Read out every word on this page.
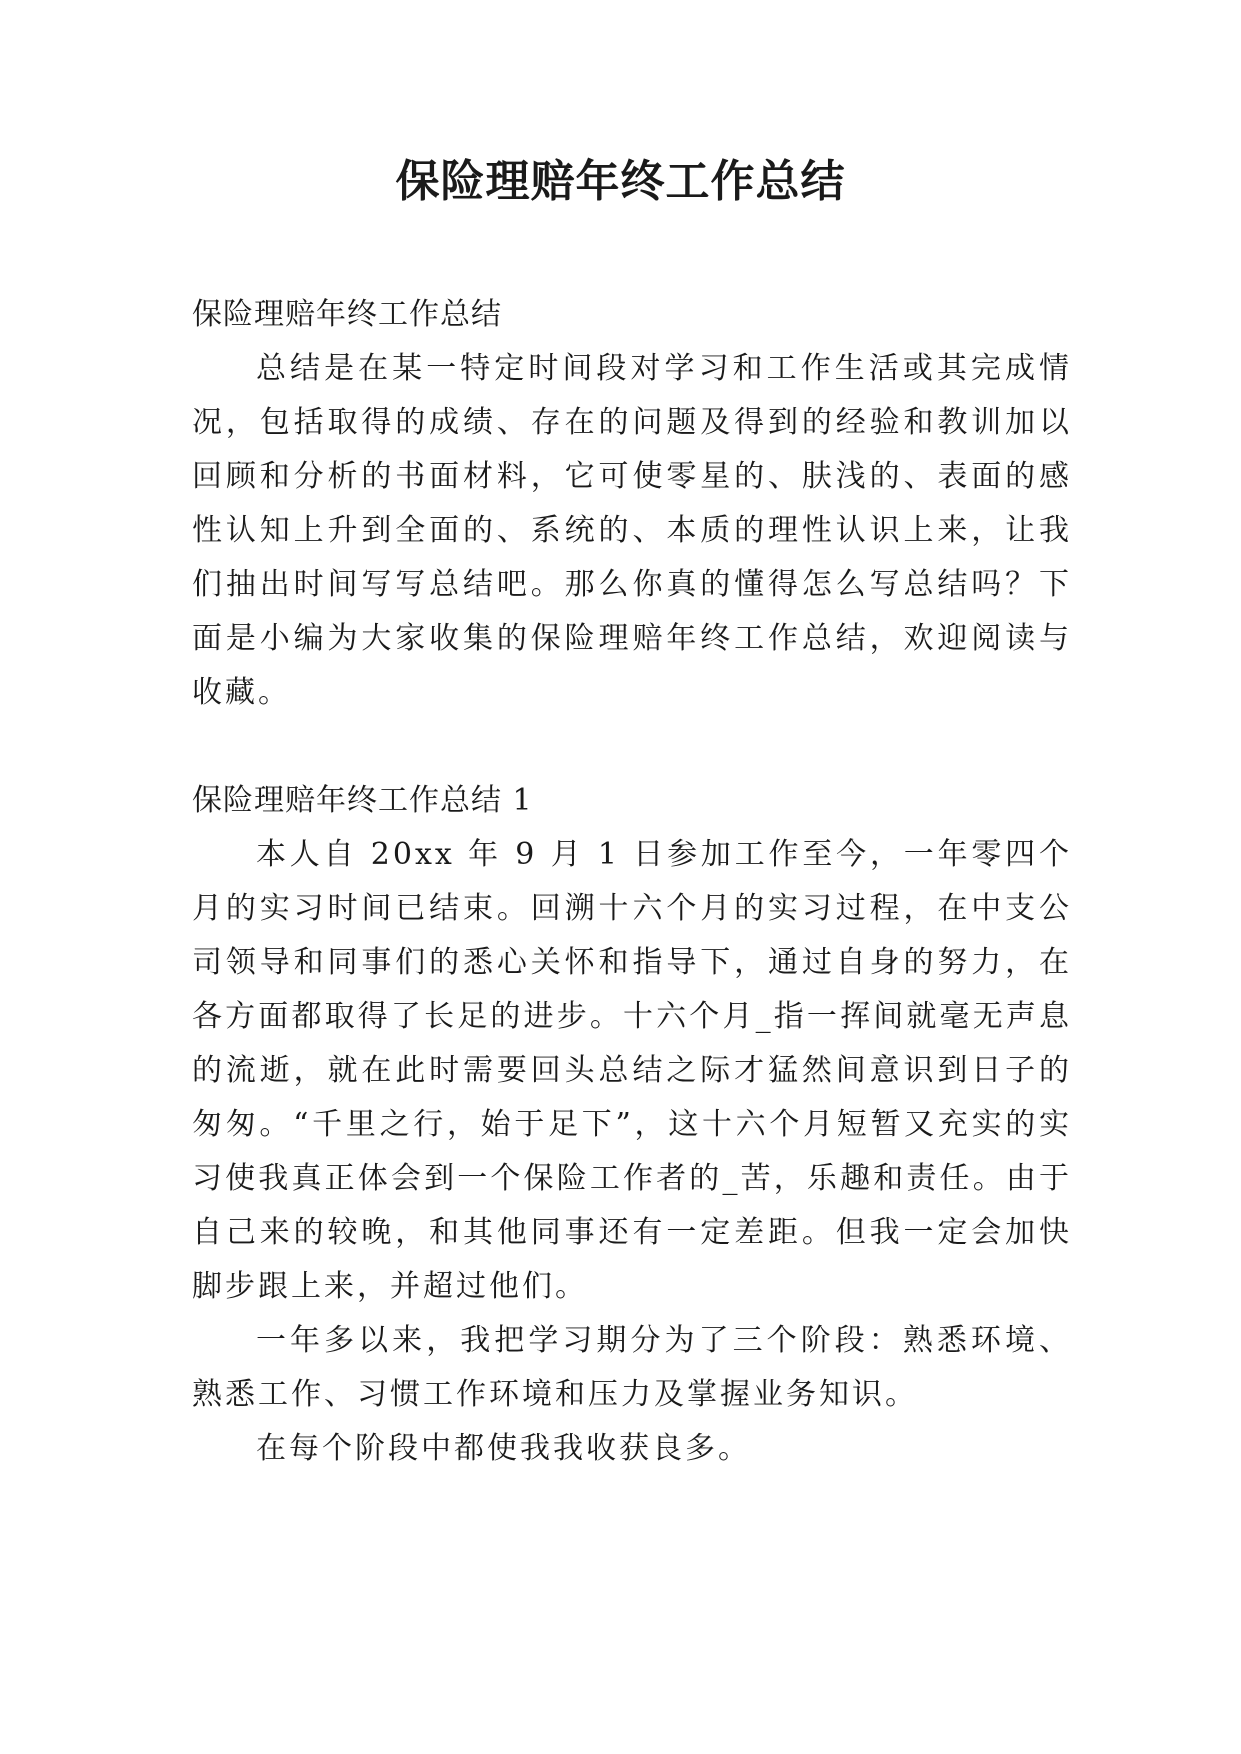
保险理赔年终工作总结

保险理赔年终工作总结

总结是在某一特定时间段对学习和工作生活或其完成情况，包括取得的成绩、存在的问题及得到的经验和教训加以回顾和分析的书面材料，它可使零星的、肤浅的、表面的感性认知上升到全面的、系统的、本质的理性认识上来，让我们抽出时间写写总结吧。那么你真的懂得怎么写总结吗？下面是小编为大家收集的保险理赔年终工作总结，欢迎阅读与收藏。

保险理赔年终工作总结 1

本人自 20xx 年 9 月 1 日参加工作至今，一年零四个月的实习时间已结束。回溯十六个月的实习过程，在中支公司领导和同事们的悉心关怀和指导下，通过自身的努力，在各方面都取得了长足的进步。十六个月_指一挥间就毫无声息的流逝，就在此时需要回头总结之际才猛然间意识到日子的匆匆。“千里之行，始于足下”，这十六个月短暂又充实的实习使我真正体会到一个保险工作者的_苦，乐趣和责任。由于自己来的较晚，和其他同事还有一定差距。但我一定会加快脚步跟上来，并超过他们。

一年多以来，我把学习期分为了三个阶段：熟悉环境、熟悉工作、习惯工作环境和压力及掌握业务知识。

在每个阶段中都使我我收获良多。
